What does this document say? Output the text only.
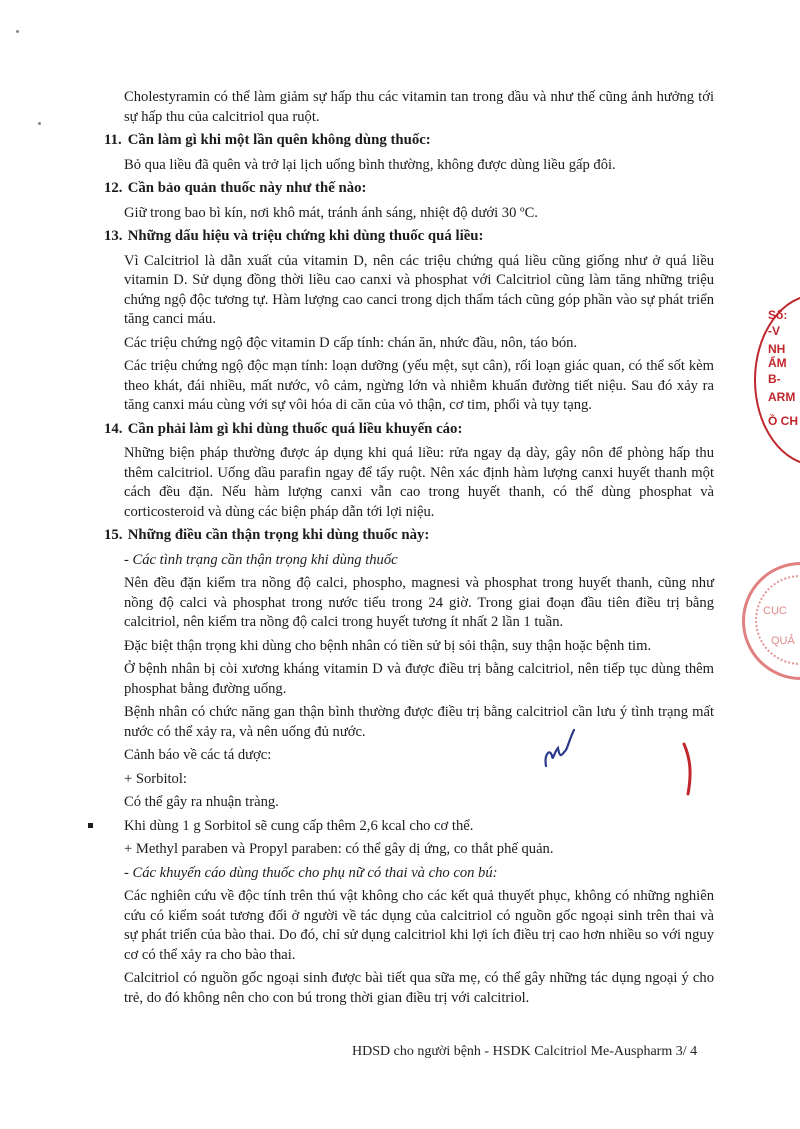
Cholestyramin có thể làm giảm sự hấp thu các vitamin tan trong dầu và như thế cũng ảnh hưởng tới sự hấp thu của calcitriol qua ruột.

11. Cần làm gì khi một lần quên không dùng thuốc:

Bỏ qua liều đã quên và trở lại lịch uống bình thường, không được dùng liều gấp đôi.

12. Cần bảo quản thuốc này như thế nào:

Giữ trong bao bì kín, nơi khô mát, tránh ánh sáng, nhiệt độ dưới 30 ºC.

13. Những dấu hiệu và triệu chứng khi dùng thuốc quá liều:

Vì Calcitriol là dẫn xuất của vitamin D, nên các triệu chứng quá liều cũng giống như ở quá liều vitamin D. Sử dụng đồng thời liều cao canxi và phosphat với Calcitriol cũng làm tăng những triệu chứng ngộ độc tương tự. Hàm lượng cao canci trong dịch thẩm tách cũng góp phần vào sự phát triển tăng canci máu.

Các triệu chứng ngộ độc vitamin D cấp tính: chán ăn, nhức đầu, nôn, táo bón.

Các triệu chứng ngộ độc mạn tính: loạn dưỡng (yếu mệt, sụt cân), rối loạn giác quan, có thể sốt kèm theo khát, đái nhiều, mất nước, vô cảm, ngừng lớn và nhiễm khuẩn đường tiết niệu. Sau đó xảy ra tăng canxi máu cùng với sự vôi hóa di căn của vỏ thận, cơ tim, phổi và tụy tạng.

14. Cần phải làm gì khi dùng thuốc quá liều khuyến cáo:

Những biện pháp thường được áp dụng khi quá liều: rửa ngay dạ dày, gây nôn để phòng hấp thu thêm calcitriol. Uống dầu parafin ngay để tẩy ruột. Nên xác định hàm lượng canxi huyết thanh một cách đều đặn. Nếu hàm lượng canxi vẫn cao trong huyết thanh, có thể dùng phosphat và corticosteroid và dùng các biện pháp dẫn tới lợi niệu.

15. Những điều cần thận trọng khi dùng thuốc này:

- Các tình trạng cần thận trọng khi dùng thuốc

Nên đều đặn kiểm tra nồng độ calci, phospho, magnesi và phosphat trong huyết thanh, cũng như nồng độ calci và phosphat trong nước tiểu trong 24 giờ. Trong giai đoạn đầu tiên điều trị bằng calcitriol, nên kiểm tra nồng độ calci trong huyết tương ít nhất 2 lần 1 tuần.

Đặc biệt thận trọng khi dùng cho bệnh nhân có tiền sử bị sỏi thận, suy thận hoặc bệnh tim.

Ở bệnh nhân bị còi xương kháng vitamin D và được điều trị bằng calcitriol, nên tiếp tục dùng thêm phosphat bằng đường uống.

Bệnh nhân có chức năng gan thận bình thường được điều trị bằng calcitriol cần lưu ý tình trạng mất nước có thể xảy ra, và nên uống đủ nước.

Cảnh báo về các tá dược:

+ Sorbitol:

Có thể gây ra nhuận tràng.

Khi dùng 1 g Sorbitol sẽ cung cấp thêm 2,6 kcal cho cơ thể.

+ Methyl paraben và Propyl paraben: có thể gây dị ứng, co thắt phế quản.

- Các khuyến cáo dùng thuốc cho phụ nữ có thai và cho con bú:

Các nghiên cứu về độc tính trên thú vật không cho các kết quả thuyết phục, không có những nghiên cứu có kiểm soát tương đối ở người về tác dụng của calcitriol có nguồn gốc ngoại sinh trên thai và sự phát triển của bào thai. Do đó, chỉ sử dụng calcitriol khi lợi ích điều trị cao hơn nhiều so với nguy cơ có thể xảy ra cho bào thai.

Calcitriol có nguồn gốc ngoại sinh được bài tiết qua sữa mẹ, có thể gây những tác dụng ngoại ý cho trẻ, do đó không nên cho con bú trong thời gian điều trị với calcitriol.

Số:
-V
NH
ẨM
B-
ARM
Ồ CH
CỤC
QUẢ
HDSD cho người bệnh - HSDK Calcitriol Me-Auspharm 3/ 4
